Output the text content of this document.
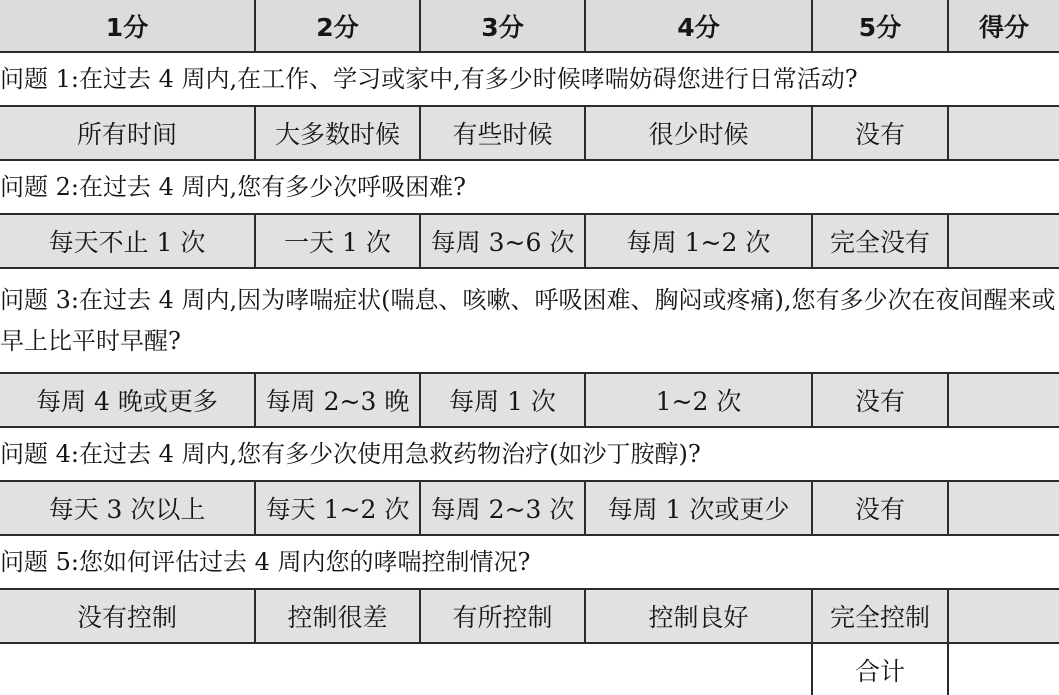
1分	2分	3分	4分	5分	得分
问题 1:在过去 4 周内,在工作、学习或家中,有多少时候哮喘妨碍您进行日常活动?					
所有时间	大多数时候	有些时候	很少时候	没有	
问题 2:在过去 4 周内,您有多少次呼吸困难?					
每天不止 1 次	一天 1 次	每周 3~6 次	每周 1~2 次	完全没有	
问题 3:在过去 4 周内,因为哮喘症状(喘息、咳嗽、呼吸困难、胸闷或疼痛),您有多少次在夜间醒来或早上比平时早醒?					
每周 4 晚或更多	每周 2~3 晚	每周 1 次	1~2 次	没有	
问题 4:在过去 4 周内,您有多少次使用急救药物治疗(如沙丁胺醇)?					
每天 3 次以上	每天 1~2 次	每周 2~3 次	每周 1 次或更少	没有	
问题 5:您如何评估过去 4 周内您的哮喘控制情况?					
没有控制	控制很差	有所控制	控制良好	完全控制	
				合计	
